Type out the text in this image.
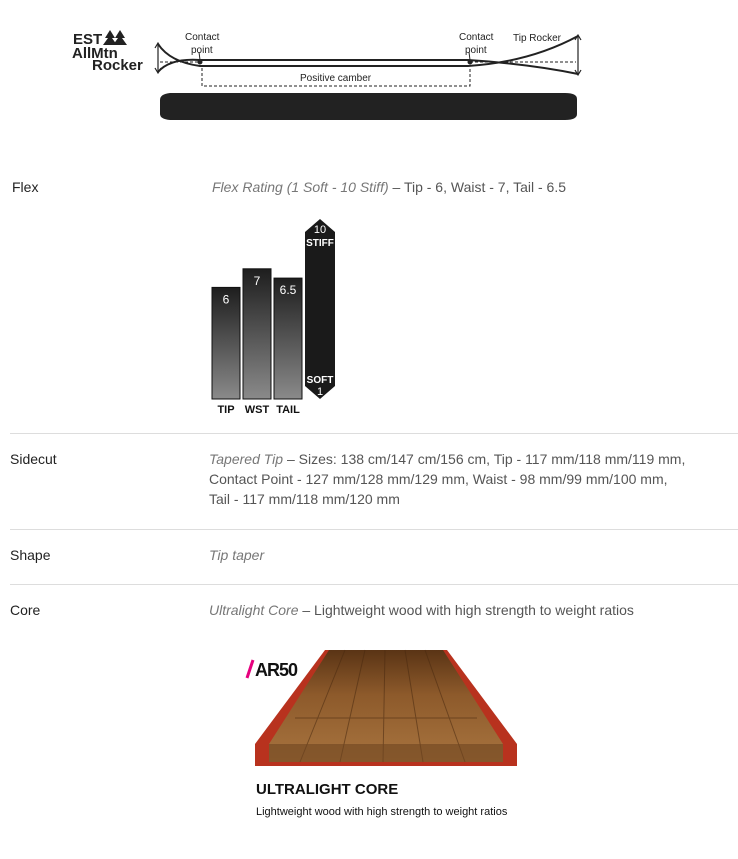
EST
AllMtn
Rocker
Contact
point
Contact
point
Tip Rocker
Positive camber
Flex	Flex Rating (1 Soft - 10 Stiff) – Tip - 6, Waist - 7, Tail - 6.5
6
TIP
7
WST
6.5
TAIL
10
STIFF
SOFT
1
Sidecut	Tapered Tip – Sizes: 138 cm/147 cm/156 cm, Tip - 117 mm/118 mm/119 mm,
Contact Point - 127 mm/128 mm/129 mm, Waist - 98 mm/99 mm/100 mm,
Tail - 117 mm/118 mm/120 mm
Shape	Tip taper
Core	Ultralight Core – Lightweight wood with high strength to weight ratios
AR50
ULTRALIGHT CORE
Lightweight wood with high strength to weight ratios
